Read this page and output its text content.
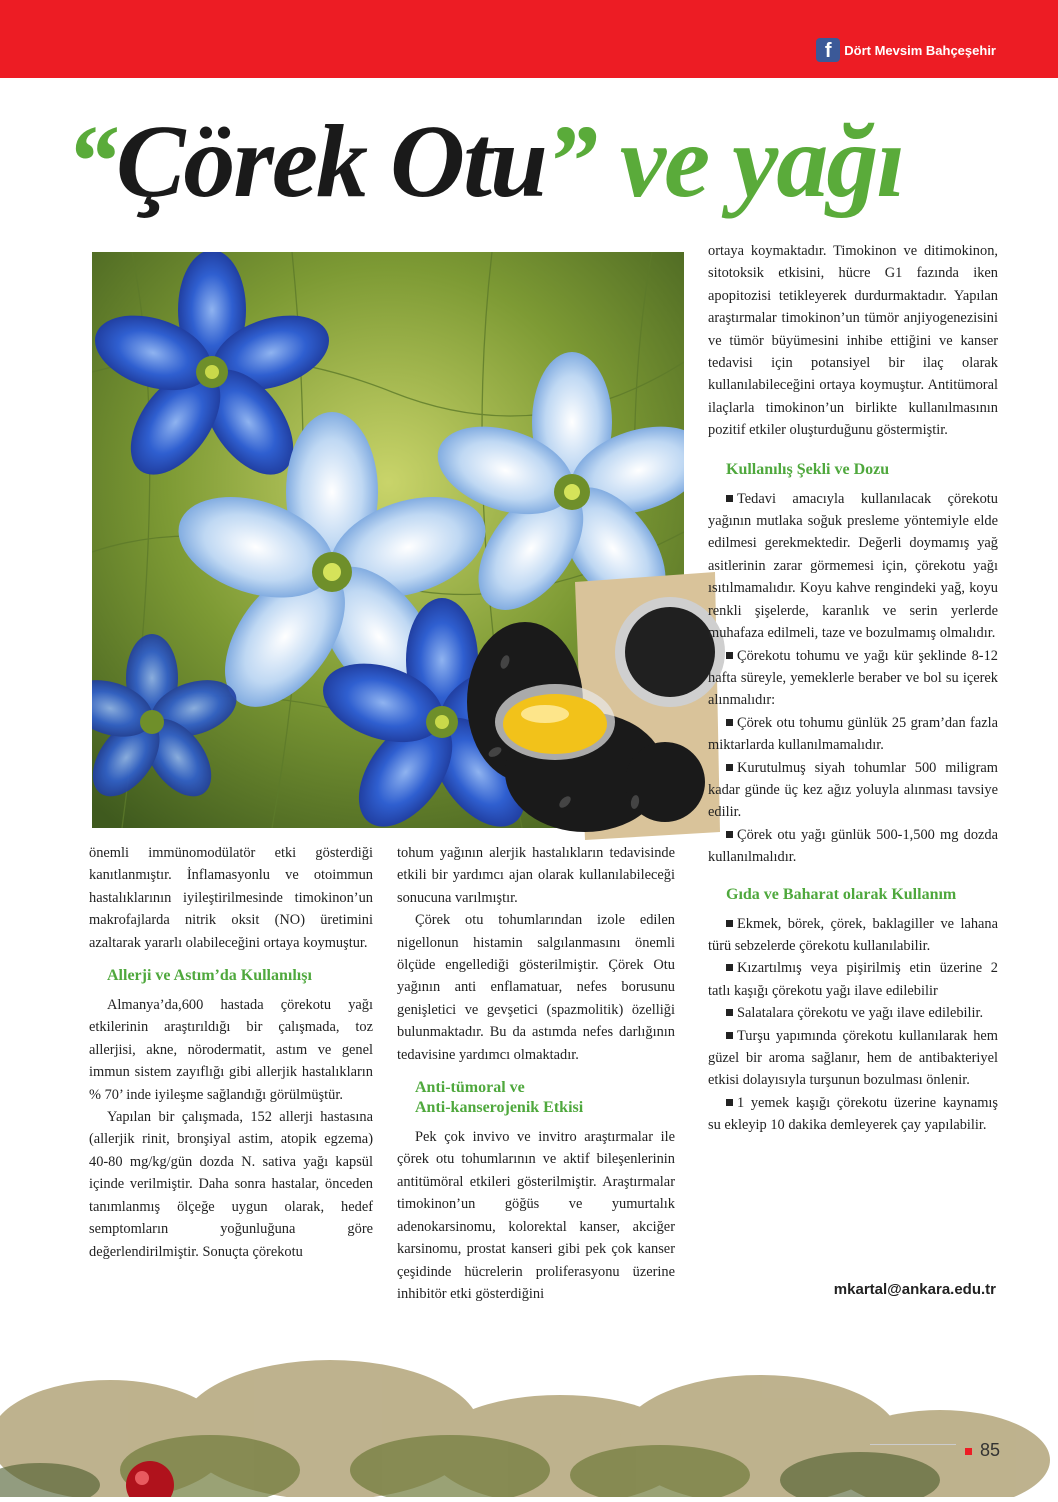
f Dört Mevsim Bahçeşehir
“Çörek Otu” ve yağı

önemli immünomodülatör etki gösterdiği kanıtlanmıştır. İnflamasyonlu ve otoimmun hastalıklarının iyileştirilmesinde timokinon’un makrofajlarda nitrik oksit (NO) üretimini azaltarak yararlı olabileceğini ortaya koymuştur.

Allerji ve Astım’da Kullanılışı

Almanya’da,600 hastada çörekotu yağı etkilerinin araştırıldığı bir çalışmada, toz allerjisi, akne, nörodermatit, astım ve genel immun sistem zayıflığı gibi allerjik hastalıkların % 70’ inde iyileşme sağlandığı görülmüştür.

Yapılan bir çalışmada, 152 allerji hastasına (allerjik rinit, bronşiyal astim, atopik egzema) 40-80 mg/kg/gün dozda N. sativa yağı kapsül içinde verilmiştir. Daha sonra hastalar, önceden tanımlanmış ölçeğe uygun olarak, hedef semptomların yoğunluğuna göre değerlendirilmiştir. Sonuçta çörekotu

tohum yağının alerjik hastalıkların tedavisinde etkili bir yardımcı ajan olarak kullanılabileceği sonucuna varılmıştır.

Çörek otu tohumlarından izole edilen nigellonun histamin salgılanmasını önemli ölçüde engellediği gösterilmiştir. Çörek Otu yağının anti enflamatuar, nefes borusunu genişletici ve gevşetici (spazmolitik) özelliği bulunmaktadır. Bu da astımda nefes darlığının tedavisine yardımcı olmaktadır.

Anti-tümoral ve
Anti-kanserojenik Etkisi

Pek çok invivo ve invitro araştırmalar ile çörek otu tohumlarının ve aktif bileşenlerinin antitümöral etkileri gösterilmiştir. Araştırmalar timokinon’un göğüs ve yumurtalık adenokarsinomu, kolorektal kanser, akciğer karsinomu, prostat kanseri gibi pek çok kanser çeşidinde hücrelerin proliferasyonu üzerine inhibitör etki gösterdiğini

ortaya koymaktadır. Timokinon ve ditimokinon, sitotoksik etkisini, hücre G1 fazında iken apopitozisi tetikleyerek durdurmaktadır. Yapılan araştırmalar timokinon’un tümör anjiyogenezisini ve tümör büyümesini inhibe ettiğini ve kanser tedavisi için potansiyel bir ilaç olarak kullanılabileceğini ortaya koymuştur. Antitümoral ilaçlarla timokinon’un birlikte kullanılmasının pozitif etkiler oluşturduğunu göstermiştir.

Kullanılış Şekli ve Dozu

Tedavi amacıyla kullanılacak çörekotu yağının mutlaka soğuk presleme yöntemiyle elde edilmesi gerekmektedir. Değerli doymamış yağ asitlerinin zarar görmemesi için, çörekotu yağı ısıtılmamalıdır. Koyu kahve rengindeki yağ, koyu renkli şişelerde, karanlık ve serin yerlerde muhafaza edilmeli, taze ve bozulmamış olmalıdır.

Çörekotu tohumu ve yağı kür şeklinde 8-12 hafta süreyle, yemeklerle beraber ve bol su içerek alınmalıdır:

Çörek otu tohumu günlük 25 gram’dan fazla miktarlarda kullanılmamalıdır.

Kurutulmuş siyah tohumlar 500 miligram kadar günde üç kez ağız yoluyla alınması tavsiye edilir.

Çörek otu yağı günlük 500-1,500 mg dozda kullanılmalıdır.

Gıda ve Baharat olarak Kullanım

Ekmek, börek, çörek, baklagiller ve lahana türü sebzelerde çörekotu kullanılabilir.

Kızartılmış veya pişirilmiş etin üzerine 2 tatlı kaşığı çörekotu yağı ilave edilebilir

Salatalara çörekotu ve yağı ilave edilebilir.

Turşu yapımında çörekotu kullanılarak hem güzel bir aroma sağlanır, hem de antibakteriyel etkisi dolayısıyla turşunun bozulması önlenir.

1 yemek kaşığı çörekotu üzerine kaynamış su ekleyip 10 dakika demleyerek çay yapılabilir.

mkartal@ankara.edu.tr
85
